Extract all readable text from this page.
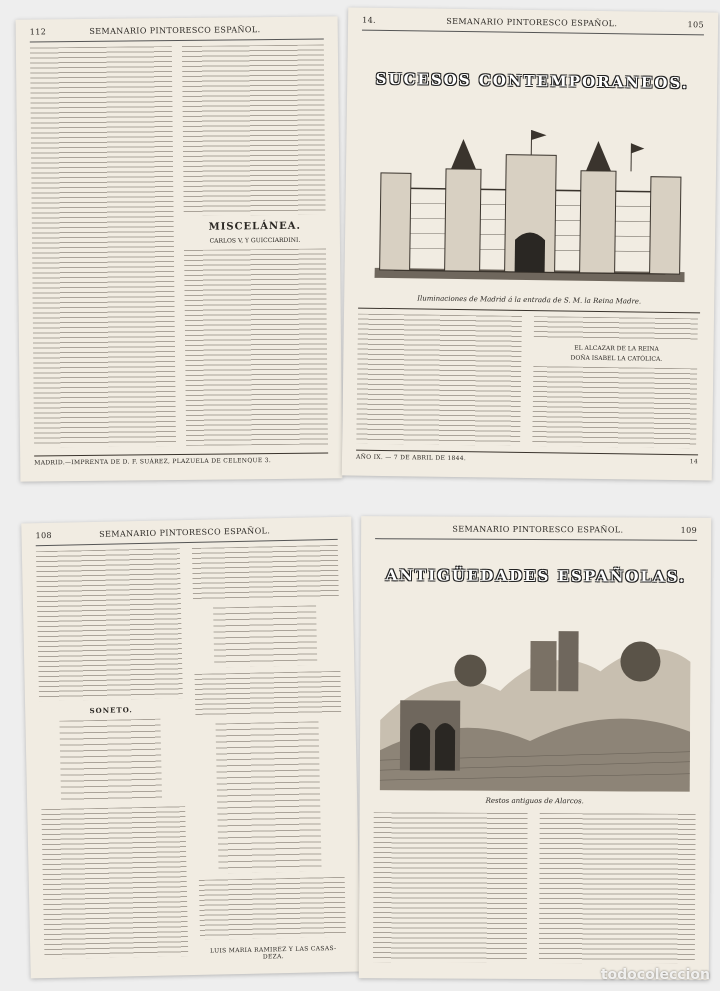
112	SEMANARIO PINTORESCO ESPAÑOL.
MISCELÁNEA.
CARLOS V, Y GUICCIARDINI.
MADRID.—IMPRENTA DE D. F. SUÁREZ, PLAZUELA DE CELENQUE 3.
14.	SEMANARIO PINTORESCO ESPAÑOL.	105
SUCESOS CONTEMPORANEOS.
Iluminaciones de Madrid á la entrada de S. M. la Reina Madre.
EL ALCAZAR DE LA REINA
DOÑA ISABEL LA CATÓLICA.
AÑO IX. — 7 DE ABRIL DE 1844.	14
108	SEMANARIO PINTORESCO ESPAÑOL.
SONETO.
LUIS MARIA RAMIREZ Y LAS CASAS-DEZA.
SEMANARIO PINTORESCO ESPAÑOL.	109
ANTIGÜEDADES ESPAÑOLAS.
Restos antiguos de Alarcos.
todocoleccion
